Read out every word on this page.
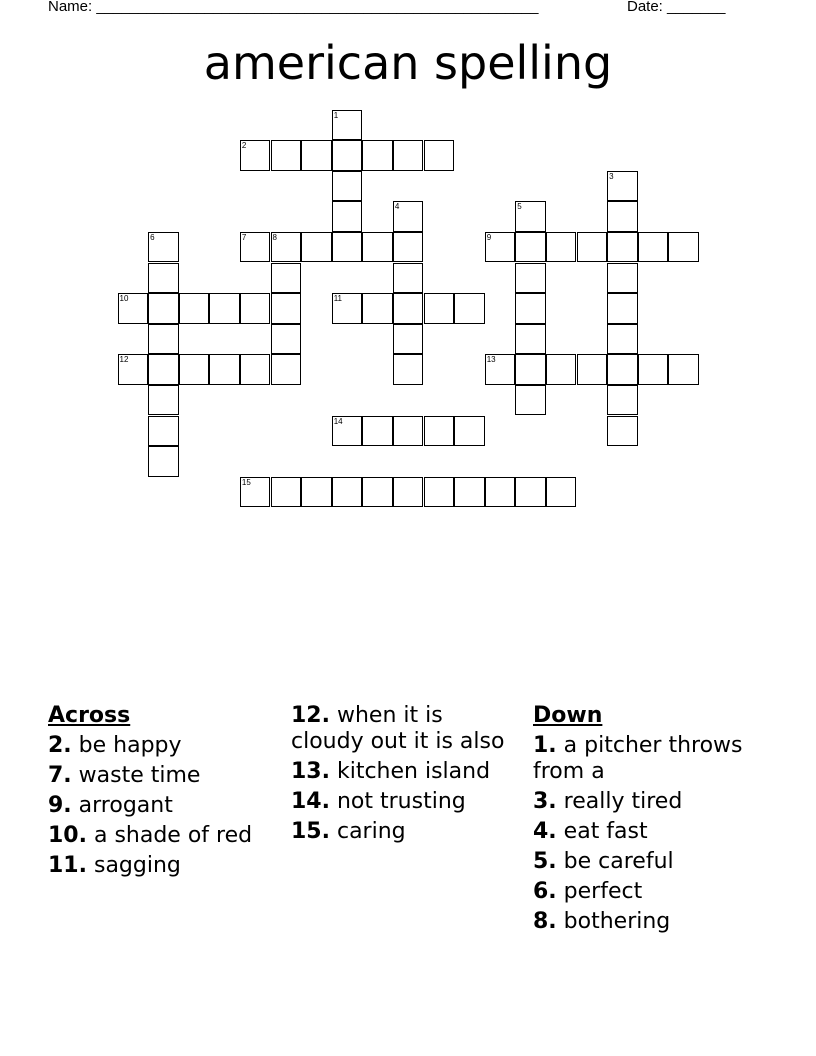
Name: _____________________________________________________	Date: _______
american spelling
1
2
3
4	5
6	7	8	9
10	11
12	13
14
15
Across
2. be happy
7. waste time
9. arrogant
10. a shade of red
11. sagging
12. when it is cloudy out it is also
13. kitchen island
14. not trusting
15. caring
Down
1. a pitcher throws from a
3. really tired
4. eat fast
5. be careful
6. perfect
8. bothering
